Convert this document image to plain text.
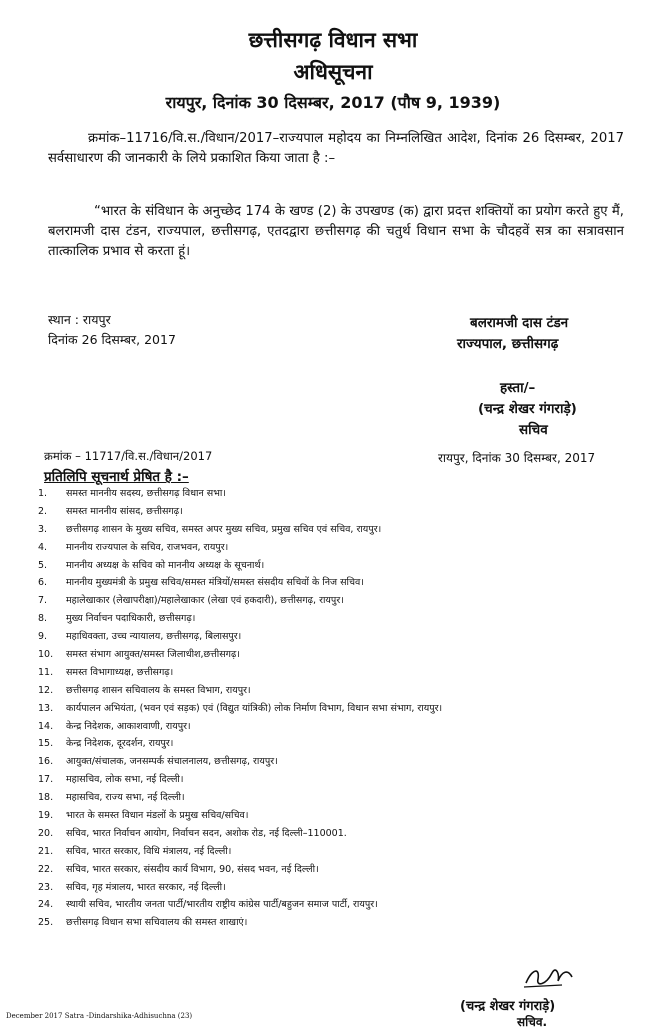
छत्तीसगढ़ विधान सभा
अधिसूचना
रायपुर, दिनांक 30 दिसम्बर, 2017 (पौष 9, 1939)
क्रमांक–11716/वि.स./विधान/2017–राज्यपाल महोदय का निम्नलिखित आदेश, दिनांक 26 दिसम्बर, 2017 सर्वसाधारण की जानकारी के लिये प्रकाशित किया जाता है :–
“भारत के संविधान के अनुच्छेद 174 के खण्ड (2) के उपखण्ड (क) द्वारा प्रदत्त शक्तियों का प्रयोग करते हुए मैं, बलरामजी दास टंडन, राज्यपाल, छत्तीसगढ़, एतदद्वारा छत्तीसगढ़ की चतुर्थ विधान सभा के चौदहवें सत्र का सत्रावसान तात्कालिक प्रभाव से करता हूं।
स्थान : रायपुर
दिनांक 26 दिसम्बर, 2017
बलरामजी दास टंडन
राज्यपाल, छत्तीसगढ़
हस्ता/–
(चन्द्र शेखर गंगराड़े)
सचिव
क्रमांक – 11717/वि.स./विधान/2017	रायपुर, दिनांक 30 दिसम्बर, 2017
प्रतिलिपि सूचनार्थ प्रेषित है :–
1.	समस्त माननीय सदस्य, छत्तीसगढ़ विधान सभा।
2.	समस्त माननीय सांसद, छत्तीसगढ़।
3.	छत्तीसगढ़ शासन के मुख्य सचिव, समस्त अपर मुख्य सचिव, प्रमुख सचिव एवं सचिव, रायपुर।
4.	माननीय राज्यपाल के सचिव, राजभवन, रायपुर।
5.	माननीय अध्यक्ष के सचिव को माननीय अध्यक्ष के सूचनार्थ।
6.	माननीय मुख्यमंत्री के प्रमुख सचिव/समस्त मंत्रियों/समस्त संसदीय सचिवों के निज सचिव।
7.	महालेखाकार (लेखापरीक्षा)/महालेखाकार (लेखा एवं हकदारी), छत्तीसगढ़, रायपुर।
8.	मुख्य निर्वाचन पदाधिकारी, छत्तीसगढ़।
9.	महाधिवक्ता, उच्च न्यायालय, छत्तीसगढ़, बिलासपुर।
10.	समस्त संभाग आयुक्त/समस्त जिलाधीश,छत्तीसगढ़।
11.	समस्त विभागाध्यक्ष, छत्तीसगढ़।
12.	छत्तीसगढ़ शासन सचिवालय के समस्त विभाग, रायपुर।
13.	कार्यपालन अभियंता, (भवन एवं सड़क) एवं (विद्युत यांत्रिकी) लोक निर्माण विभाग, विधान सभा संभाग, रायपुर।
14.	केन्द्र निदेशक, आकाशवाणी, रायपुर।
15.	केन्द्र निदेशक, दूरदर्शन, रायपुर।
16.	आयुक्त/संचालक, जनसम्पर्क संचालनालय, छत्तीसगढ़, रायपुर।
17.	महासचिव, लोक सभा, नई दिल्ली।
18.	महासचिव, राज्य सभा, नई दिल्ली।
19.	भारत के समस्त विधान मंडलों के प्रमुख सचिव/सचिव।
20.	सचिव, भारत निर्वाचन आयोग, निर्वाचन सदन, अशोक रोड, नई दिल्ली–110001.
21.	सचिव, भारत सरकार, विधि मंत्रालय, नई दिल्ली।
22.	सचिव, भारत सरकार, संसदीय कार्य विभाग, 90, संसद भवन, नई दिल्ली।
23.	सचिव, गृह मंत्रालय, भारत सरकार, नई दिल्ली।
24.	स्थायी सचिव, भारतीय जनता पार्टी/भारतीय राष्ट्रीय कांग्रेस पार्टी/बहुजन समाज पार्टी, रायपुर।
25.	छत्तीसगढ़ विधान सभा सचिवालय की समस्त शाखाएं।
(चन्द्र शेखर गंगराड़े)
सचिव.
December 2017 Satra -Dindarshika-Adhisuchna (23)
